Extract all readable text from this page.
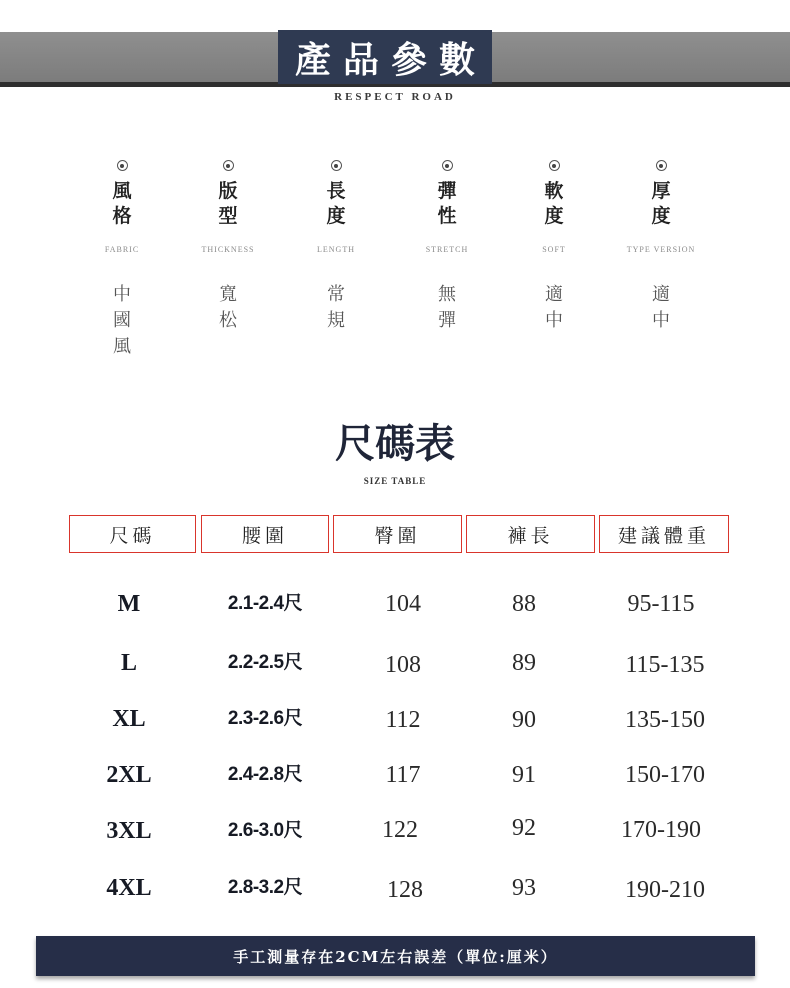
產品參數
RESPECT ROAD
風格
FABRIC
中國風
版型
THICKNESS
寬松
長度
LENGTH
常規
彈性
STRETCH
無彈
軟度
SOFT
適中
厚度
TYPE VERSION
適中
尺碼表
SIZE TABLE
尺碼	腰圍	臀圍	褲長	建議體重
M	2.1-2.4尺	104	88	95-115
L	2.2-2.5尺	108	89	115-135
XL	2.3-2.6尺	112	90	135-150
2XL	2.4-2.8尺	117	91	150-170
3XL	2.6-3.0尺	122	92	170-190
4XL	2.8-3.2尺	128	93	190-210
手工測量存在2CM左右誤差（單位:厘米）
